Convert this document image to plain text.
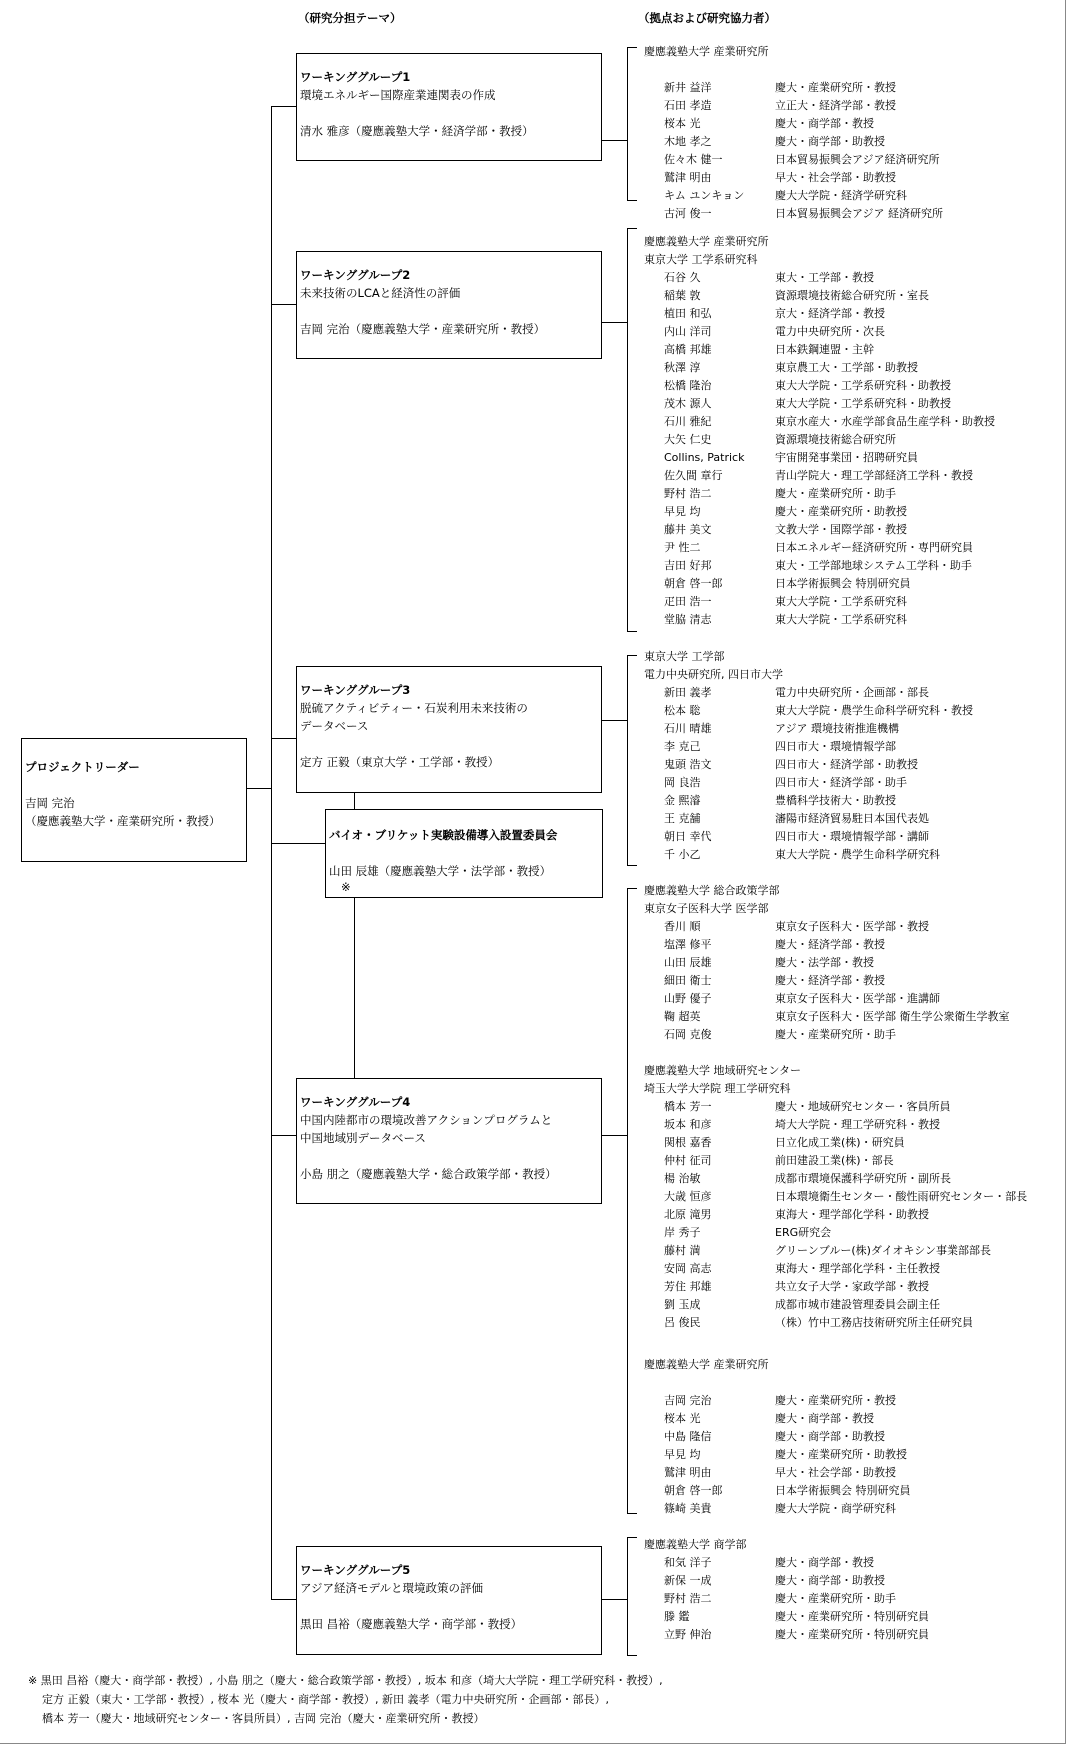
（研究分担テーマ）	（拠点および研究協力者）
プロジェクトリーダー
吉岡 完治
（慶應義塾大学・産業研究所・教授）
ワーキンググループ1
環境エネルギー国際産業連関表の作成
清水 雅彦（慶應義塾大学・経済学部・教授）
ワーキンググループ2
未来技術のLCAと経済性の評価
吉岡 完治（慶應義塾大学・産業研究所・教授）
ワーキンググループ3
脱硫アクティビティー・石炭利用未来技術の
データベース
定方 正毅（東京大学・工学部・教授）
バイオ・ブリケット実験設備導入設置委員会
山田 辰雄（慶應義塾大学・法学部・教授）
※
ワーキンググループ4
中国内陸都市の環境改善アクションプログラムと
中国地域別データベース
小島 朋之（慶應義塾大学・総合政策学部・教授）
ワーキンググループ5
アジア経済モデルと環境政策の評価
黒田 昌裕（慶應義塾大学・商学部・教授）
慶應義塾大学 産業研究所
新井 益洋	慶大・産業研究所・教授
石田 孝造	立正大・経済学部・教授
桜本 光	慶大・商学部・教授
木地 孝之	慶大・商学部・助教授
佐々木 健一	日本貿易振興会アジア経済研究所
鷲津 明由	早大・社会学部・助教授
キム ユンキョン	慶大大学院・経済学研究科
古河 俊一	日本貿易振興会アジア 経済研究所
慶應義塾大学 産業研究所
東京大学 工学系研究科
石谷 久	東大・工学部・教授
稲葉 敦	資源環境技術総合研究所・室長
植田 和弘	京大・経済学部・教授
内山 洋司	電力中央研究所・次長
高橋 邦雄	日本鉄鋼連盟・主幹
秋澤 淳	東京農工大・工学部・助教授
松橋 隆治	東大大学院・工学系研究科・助教授
茂木 源人	東大大学院・工学系研究科・助教授
石川 雅紀	東京水産大・水産学部食品生産学科・助教授
大矢 仁史	資源環境技術総合研究所
Collins, Patrick	宇宙開発事業団・招聘研究員
佐久間 章行	青山学院大・理工学部経済工学科・教授
野村 浩二	慶大・産業研究所・助手
早見 均	慶大・産業研究所・助教授
藤井 美文	文教大学・国際学部・教授
尹 性二	日本エネルギー経済研究所・専門研究員
吉田 好邦	東大・工学部地球システム工学科・助手
朝倉 啓一郎	日本学術振興会 特別研究員
疋田 浩一	東大大学院・工学系研究科
堂脇 清志	東大大学院・工学系研究科
東京大学 工学部
電力中央研究所, 四日市大学
新田 義孝	電力中央研究所・企画部・部長
松本 聡	東大大学院・農学生命科学研究科・教授
石川 晴雄	アジア 環境技術推進機構
李 克己	四日市大・環境情報学部
鬼頭 浩文	四日市大・経済学部・助教授
岡 良浩	四日市大・経済学部・助手
金 熙濬	豊橋科学技術大・助教授
王 克舗	瀋陽市経済貿易駐日本国代表処
朝日 幸代	四日市大・環境情報学部・講師
千 小乙	東大大学院・農学生命科学研究科
慶應義塾大学 総合政策学部
東京女子医科大学 医学部
香川 順	東京女子医科大・医学部・教授
塩澤 修平	慶大・経済学部・教授
山田 辰雄	慶大・法学部・教授
細田 衛士	慶大・経済学部・教授
山野 優子	東京女子医科大・医学部・進講師
鞠 超英	東京女子医科大・医学部 衛生学公衆衛生学教室
石岡 克俊	慶大・産業研究所・助手
慶應義塾大学 地域研究センター
埼玉大学大学院 理工学研究科
橋本 芳一	慶大・地域研究センター・客員所員
坂本 和彦	埼大大学院・理工学研究科・教授
関根 嘉香	日立化成工業(株)・研究員
仲村 征司	前田建設工業(株)・部長
楊 治敏	成都市環境保護科学研究所・副所長
大歳 恒彦	日本環境衛生センター・酸性雨研究センター・部長
北原 滝男	東海大・理学部化学科・助教授
岸 秀子	ERG研究会
藤村 満	グリーンブルー(株)ダイオキシン事業部部長
安岡 高志	東海大・理学部化学科・主任教授
芳住 邦雄	共立女子大学・家政学部・教授
劉 玉成	成都市城市建設管理委員会副主任
呂 俊民	（株）竹中工務店技術研究所主任研究員
慶應義塾大学 産業研究所
吉岡 完治	慶大・産業研究所・教授
桜本 光	慶大・商学部・教授
中島 隆信	慶大・商学部・助教授
早見 均	慶大・産業研究所・助教授
鷲津 明由	早大・社会学部・助教授
朝倉 啓一郎	日本学術振興会 特別研究員
篠崎 美貴	慶大大学院・商学研究科
慶應義塾大学 商学部
和気 洋子	慶大・商学部・教授
新保 一成	慶大・商学部・助教授
野村 浩二	慶大・産業研究所・助手
滕 鑑	慶大・産業研究所・特別研究員
立野 伸治	慶大・産業研究所・特別研究員
※ 黒田 昌裕（慶大・商学部・教授）, 小島 朋之（慶大・総合政策学部・教授）, 坂本 和彦（埼大大学院・理工学研究科・教授）,
定方 正毅（東大・工学部・教授）, 桜本 光（慶大・商学部・教授）, 新田 義孝（電力中央研究所・企画部・部長）,
橋本 芳一（慶大・地域研究センター・客員所員）, 吉岡 完治（慶大・産業研究所・教授）
